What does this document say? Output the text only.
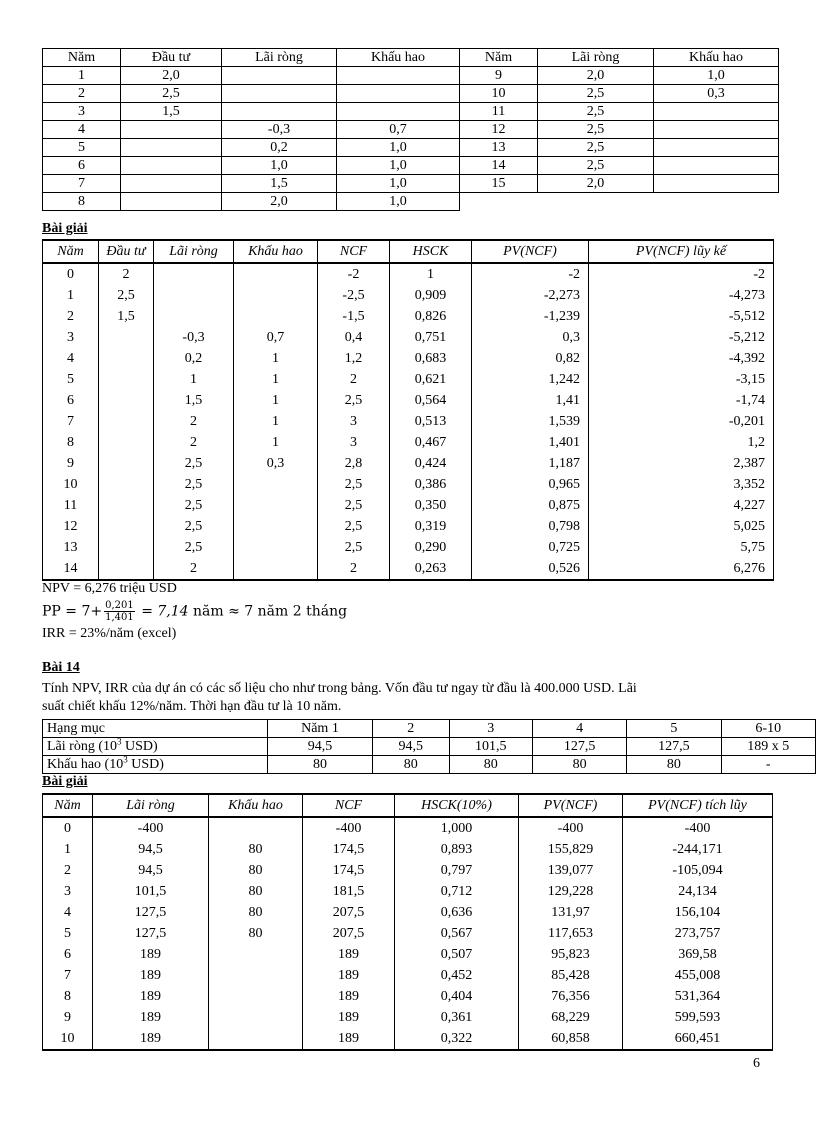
Năm	Đầu tư	Lãi ròng	Khấu hao	Năm	Lãi ròng	Khấu hao
1	2,0			9	2,0	1,0
2	2,5			10	2,5	0,3
3	1,5			11	2,5	
4		-0,3	0,7	12	2,5	
5		0,2	1,0	13	2,5	
6		1,0	1,0	14	2,5	
7		1,5	1,0	15	2,0	
8		2,0	1,0			
Bài giải
Năm	Đầu tư	Lãi ròng	Khấu hao	NCF	HSCK	PV(NCF)	PV(NCF) lũy kế
0	2			-2	1	-2	-2
1	2,5			-2,5	0,909	-2,273	-4,273
2	1,5			-1,5	0,826	-1,239	-5,512
3		-0,3	0,7	0,4	0,751	0,3	-5,212
4		0,2	1	1,2	0,683	0,82	-4,392
5		1	1	2	0,621	1,242	-3,15
6		1,5	1	2,5	0,564	1,41	-1,74
7		2	1	3	0,513	1,539	-0,201
8		2	1	3	0,467	1,401	1,2
9		2,5	0,3	2,8	0,424	1,187	2,387
10		2,5		2,5	0,386	0,965	3,352
11		2,5		2,5	0,350	0,875	4,227
12		2,5		2,5	0,319	0,798	5,025
13		2,5		2,5	0,290	0,725	5,75
14		2		2	0,263	0,526	6,276
NPV = 6,276 triệu USD
PP = $7+ \frac{0,201}{1,401} = 7,14$ năm ≈ 7 năm 2 tháng
IRR = 23%/năm (excel)
Bài 14
Tính NPV, IRR của dự án có các số liệu cho như trong bảng. Vốn đầu tư ngay từ đầu là 400.000 USD. Lãi
suất chiết khấu 12%/năm. Thời hạn đầu tư là 10 năm.
Hạng mục	Năm 1	2	3	4	5	6-10
Lãi ròng ($10^3$ USD)	94,5	94,5	101,5	127,5	127,5	189 x 5
Khấu hao ($10^3$ USD)	80	80	80	80	80	-
Bài giải
Năm	Lãi ròng	Khấu hao	NCF	HSCK(10%)	PV(NCF)	PV(NCF) tích lũy
0	-400		-400	1,000	-400	-400
1	94,5	80	174,5	0,893	155,829	-244,171
2	94,5	80	174,5	0,797	139,077	-105,094
3	101,5	80	181,5	0,712	129,228	24,134
4	127,5	80	207,5	0,636	131,97	156,104
5	127,5	80	207,5	0,567	117,653	273,757
6	189		189	0,507	95,823	369,58
7	189		189	0,452	85,428	455,008
8	189		189	0,404	76,356	531,364
9	189		189	0,361	68,229	599,593
10	189		189	0,322	60,858	660,451
6
